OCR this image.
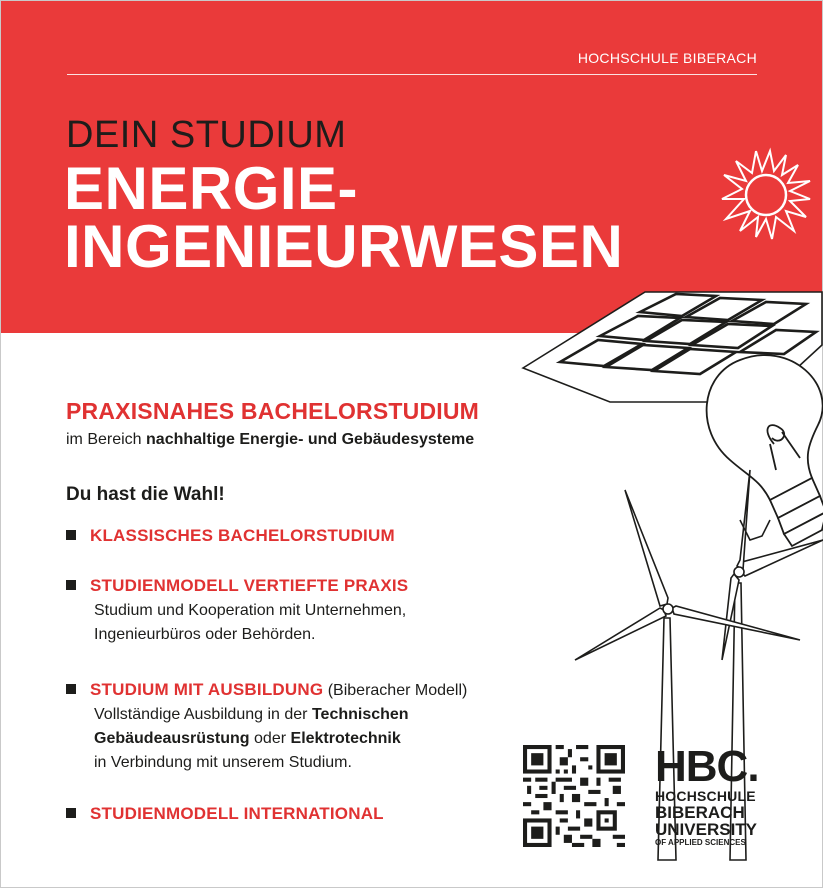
HOCHSCHULE BIBERACH
DEIN STUDIUM
ENERGIE-
INGENIEURWESEN
PRAXISNAHES BACHELORSTUDIUM
im Bereich nachhaltige Energie- und Gebäudesysteme
Du hast die Wahl!
KLASSISCHES BACHELORSTUDIUM
STUDIENMODELL VERTIEFTE PRAXIS
Studium und Kooperation mit Unternehmen,
Ingenieurbüros oder Behörden.
STUDIUM MIT AUSBILDUNG (Biberacher Modell)
Vollständige Ausbildung in der Technischen
Gebäudeausrüstung oder Elektrotechnik
in Verbindung mit unserem Studium.
STUDIENMODELL INTERNATIONAL
HBC.
HOCHSCHULE
BIBERACH
UNIVERSITY
OF APPLIED SCIENCES
